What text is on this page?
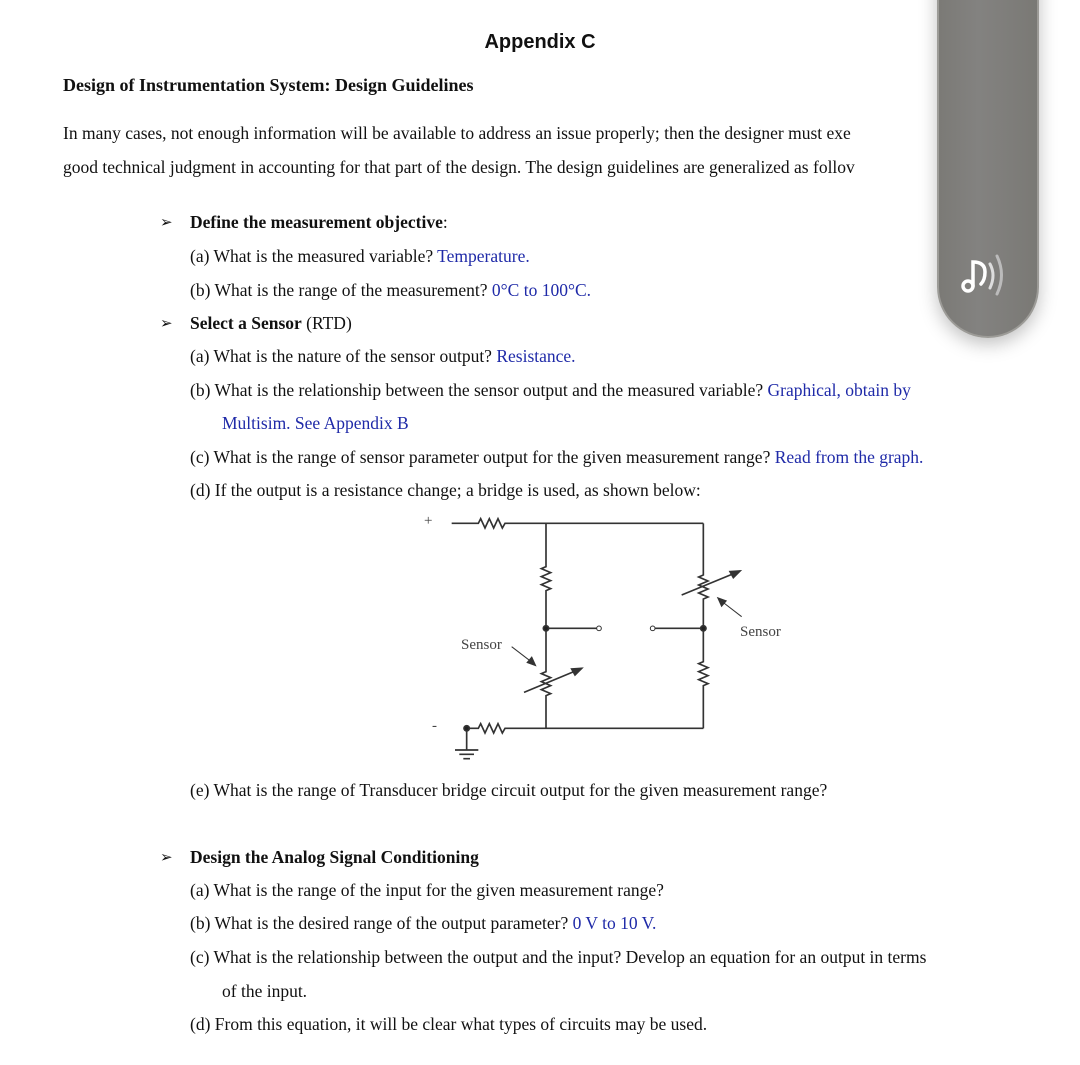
Appendix C
Design of Instrumentation System: Design Guidelines
In many cases, not enough information will be available to address an issue properly; then the designer must exe
good technical judgment in accounting for that part of the design. The design guidelines are generalized as follov
➢ Define the measurement objective:
(a) What is the measured variable? Temperature.
(b) What is the range of the measurement? 0°C to 100°C.
➢ Select a Sensor (RTD)
(a) What is the nature of the sensor output? Resistance.
(b) What is the relationship between the sensor output and the measured variable? Graphical, obtain by
Multisim. See Appendix B
(c) What is the range of sensor parameter output for the given measurement range? Read from the graph.
(d) If the output is a resistance change; a bridge is used, as shown below:
+
-
Sensor
Sensor
(e) What is the range of Transducer bridge circuit output for the given measurement range?
➢ Design the Analog Signal Conditioning
(a) What is the range of the input for the given measurement range?
(b) What is the desired range of the output parameter? 0 V to 10 V.
(c) What is the relationship between the output and the input? Develop an equation for an output in terms
of the input.
(d) From this equation, it will be clear what types of circuits may be used.
